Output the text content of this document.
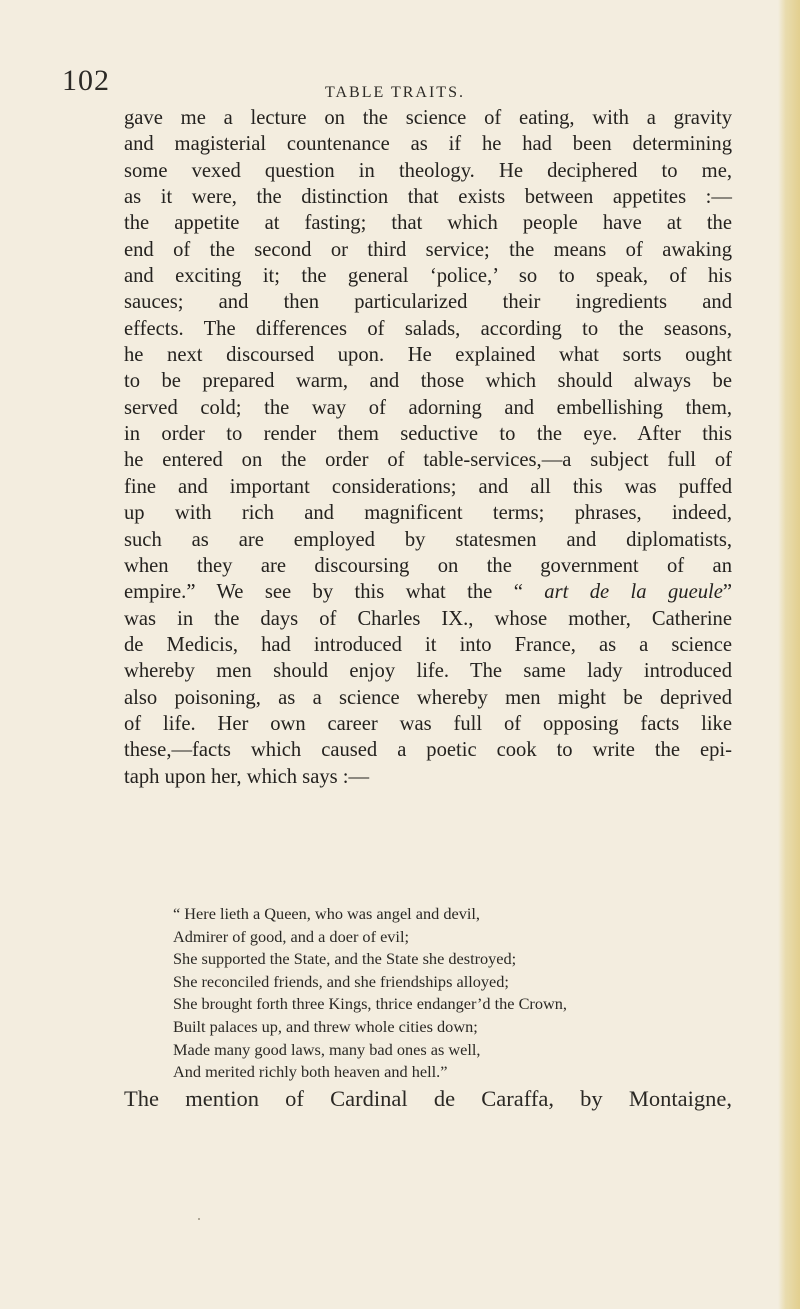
102	TABLE TRAITS.
gave me a lecture on the science of eating, with a gravity
and magisterial countenance as if he had been determining
some vexed question in theology. He deciphered to me,
as it were, the distinction that exists between appetites :—
the appetite at fasting; that which people have at the
end of the second or third service; the means of awaking
and exciting it; the general ‘police,’ so to speak, of his
sauces; and then particularized their ingredients and
effects. The differences of salads, according to the seasons,
he next discoursed upon. He explained what sorts ought
to be prepared warm, and those which should always be
served cold; the way of adorning and embellishing them,
in order to render them seductive to the eye. After this
he entered on the order of table-services,—a subject full of
fine and important considerations; and all this was puffed
up with rich and magnificent terms; phrases, indeed,
such as are employed by statesmen and diplomatists,
when they are discoursing on the government of an
empire.” We see by this what the “ art de la gueule”
was in the days of Charles IX., whose mother, Catherine
de Medicis, had introduced it into France, as a science
whereby men should enjoy life. The same lady introduced
also poisoning, as a science whereby men might be deprived
of life. Her own career was full of opposing facts like
these,—facts which caused a poetic cook to write the epi-
taph upon her, which says :—
“ Here lieth a Queen, who was angel and devil,
Admirer of good, and a doer of evil;
She supported the State, and the State she destroyed;
She reconciled friends, and she friendships alloyed;
She brought forth three Kings, thrice endanger’d the Crown,
Built palaces up, and threw whole cities down;
Made many good laws, many bad ones as well,
And merited richly both heaven and hell.”
The mention of Cardinal de Caraffa, by Montaigne,
